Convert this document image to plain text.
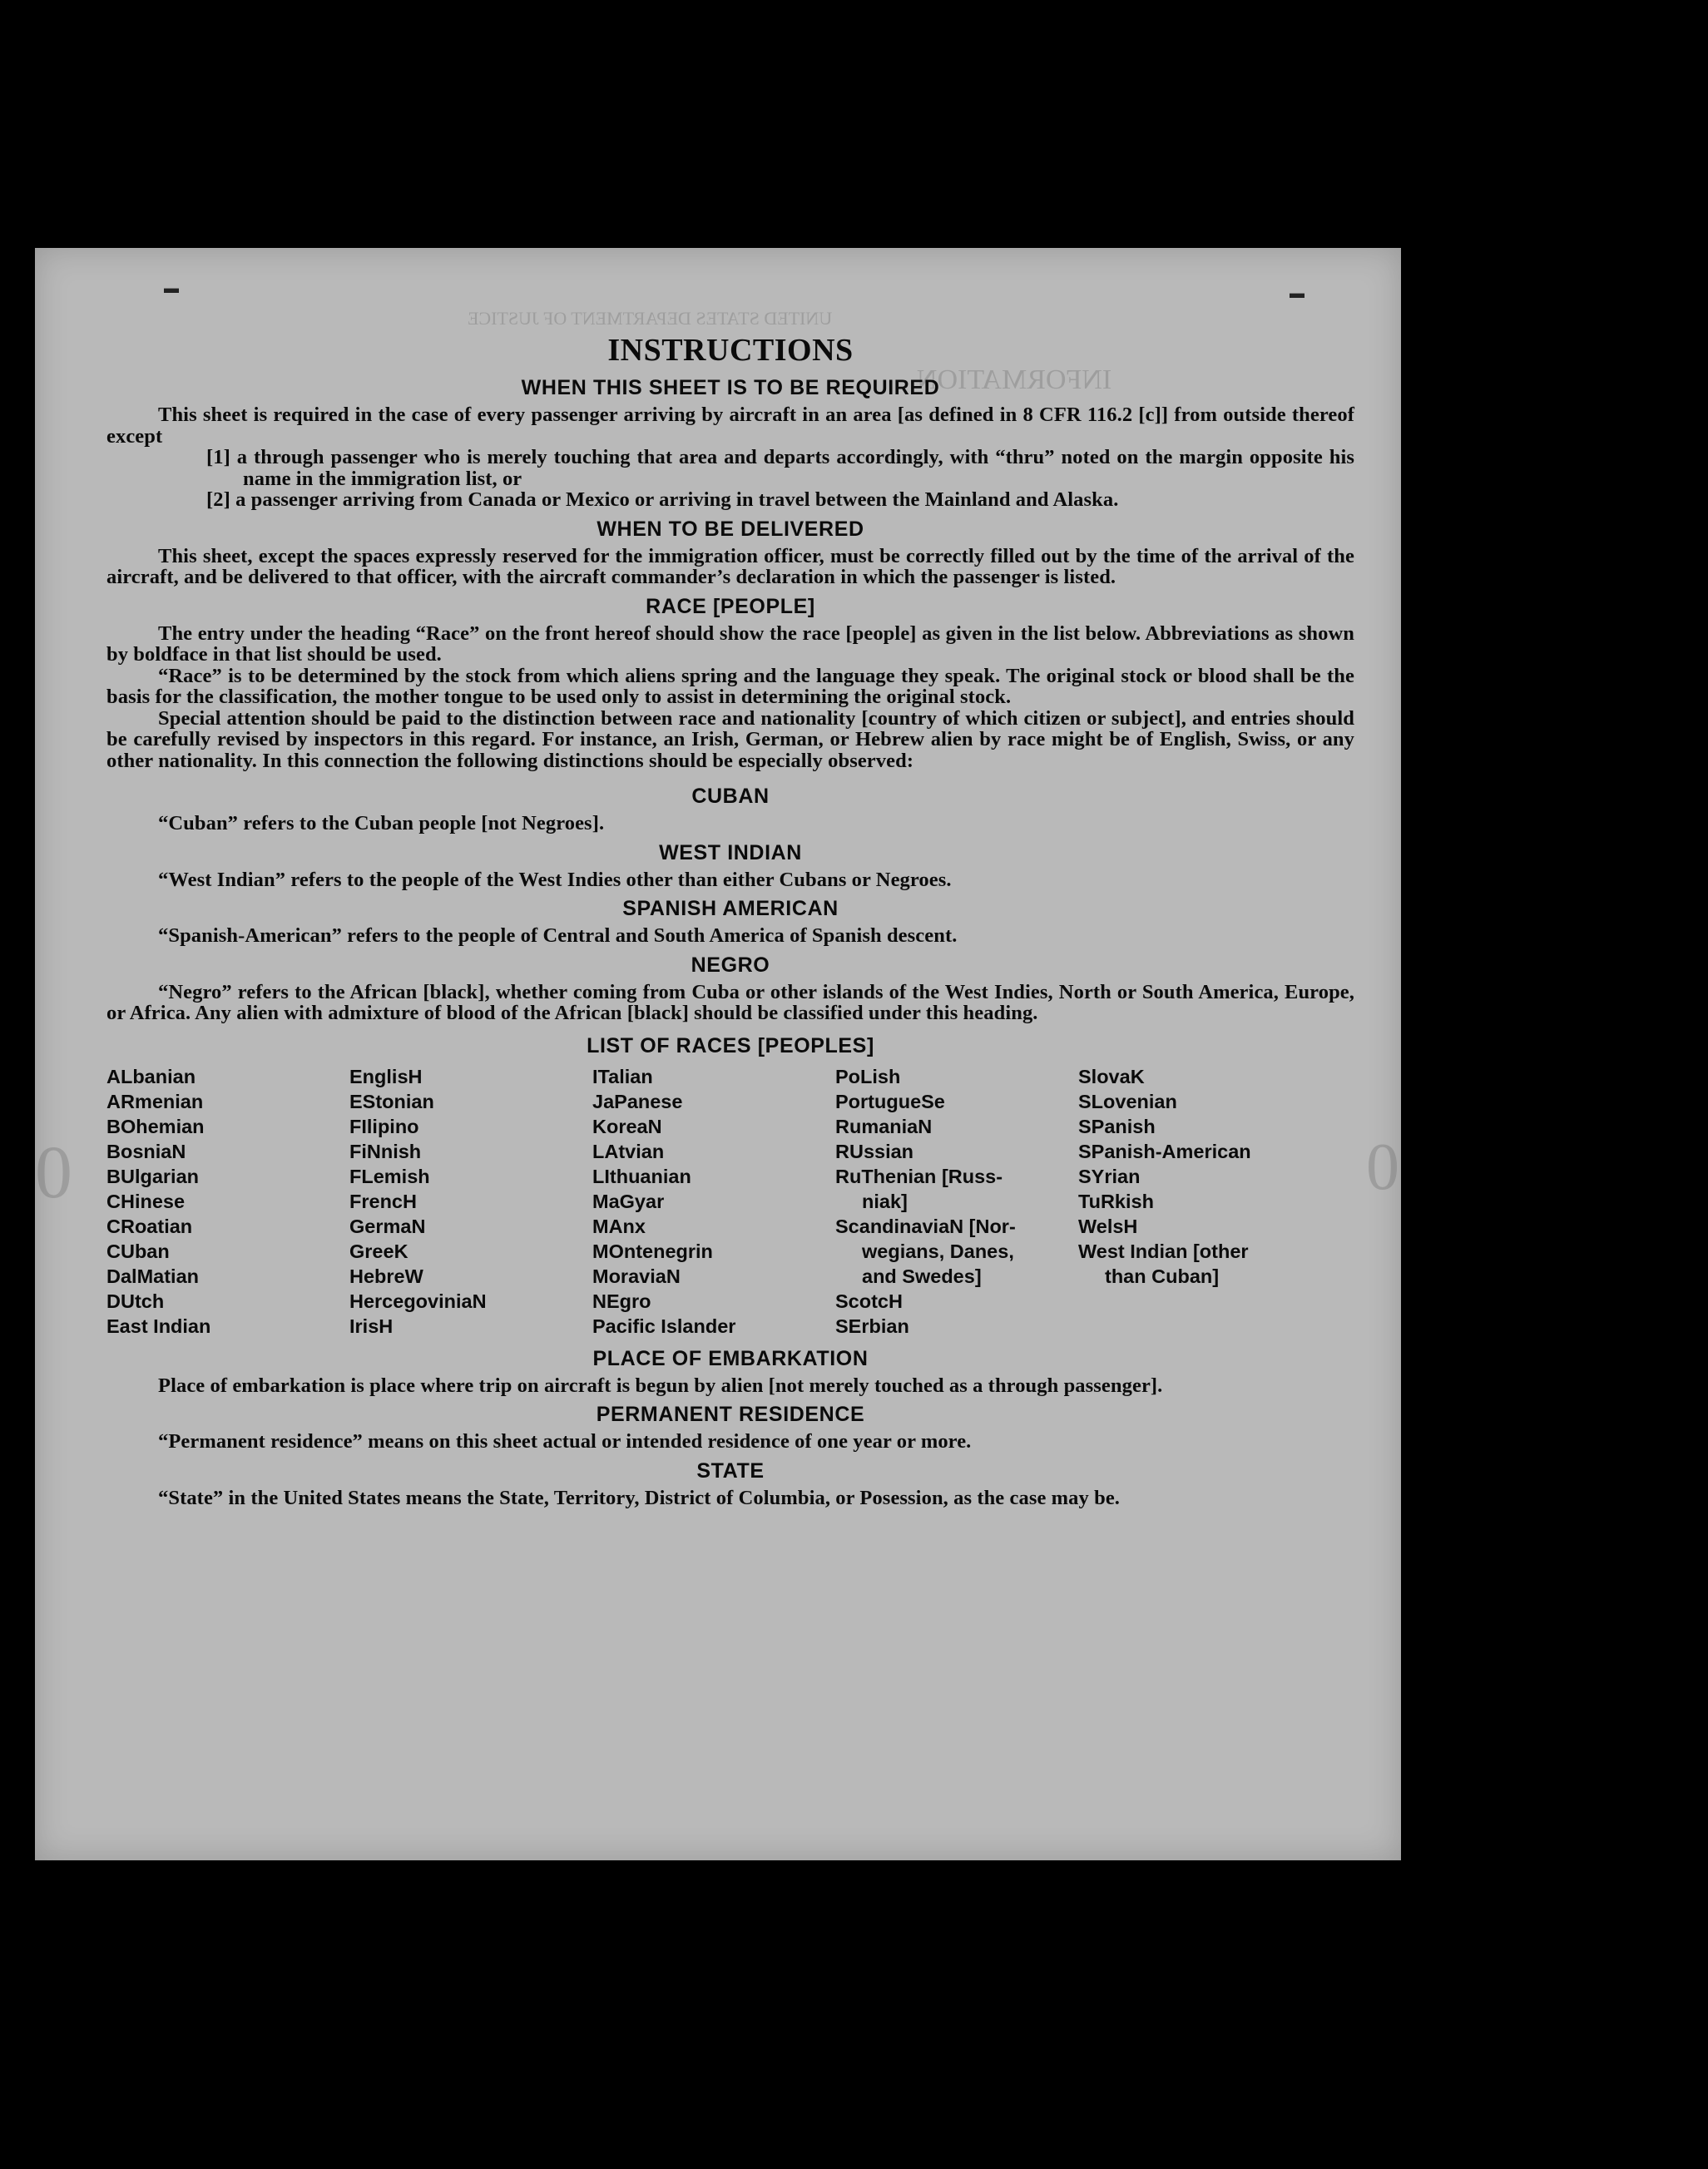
UNITED STATES DEPARTMENT OF JUSTICE
INFORMATION
0	0
▬	▬
INSTRUCTIONS
WHEN THIS SHEET IS TO BE REQUIRED

This sheet is required in the case of every passenger arriving by aircraft in an area [as defined in 8 CFR 116.2 [c]] from outside thereof except

[1] a through passenger who is merely touching that area and departs accordingly, with “thru” noted on the margin opposite his name in the immigration list, or

[2] a passenger arriving from Canada or Mexico or arriving in travel between the Mainland and Alaska.

WHEN TO BE DELIVERED

This sheet, except the spaces expressly reserved for the immigration officer, must be correctly filled out by the time of the arrival of the aircraft, and be delivered to that officer, with the aircraft commander’s declaration in which the passenger is listed.

RACE [PEOPLE]

The entry under the heading “Race” on the front hereof should show the race [people] as given in the list below. Abbreviations as shown by boldface in that list should be used.

“Race” is to be determined by the stock from which aliens spring and the language they speak. The original stock or blood shall be the basis for the classification, the mother tongue to be used only to assist in determining the original stock.

Special attention should be paid to the distinction between race and nationality [country of which citizen or subject], and entries should be carefully revised by inspectors in this regard. For instance, an Irish, German, or Hebrew alien by race might be of English, Swiss, or any other nationality. In this connection the following distinctions should be especially observed:

CUBAN

“Cuban” refers to the Cuban people [not Negroes].

WEST INDIAN

“West Indian” refers to the people of the West Indies other than either Cubans or Negroes.

SPANISH AMERICAN

“Spanish-American” refers to the people of Central and South America of Spanish descent.

NEGRO

“Negro” refers to the African [black], whether coming from Cuba or other islands of the West Indies, North or South America, Europe, or Africa. Any alien with admixture of blood of the African [black] should be classified under this heading.

LIST OF RACES [PEOPLES]
ALbanian
ARmenian
BOhemian
BosniaN
BUlgarian
CHinese
CRoatian
CUban
DalMatian
DUtch
East Indian
EnglisH
EStonian
FIlipino
FiNnish
FLemish
FrencH
GermaN
GreeK
HebreW
HercegoviniaN
IrisH
ITalian
JaPanese
KoreaN
LAtvian
LIthuanian
MaGyar
MAnx
MOntenegrin
MoraviaN
NEgro
Pacific Islander
PoLish
PortugueSe
RumaniaN
RUssian
RuThenian [Russ-
niak]
ScandinaviaN [Nor-
wegians, Danes,
and Swedes]
ScotcH
SErbian
SlovaK
SLovenian
SPanish
SPanish-American
SYrian
TuRkish
WelsH
West Indian [other
than Cuban]
PLACE OF EMBARKATION

Place of embarkation is place where trip on aircraft is begun by alien [not merely touched as a through passenger].

PERMANENT RESIDENCE

“Permanent residence” means on this sheet actual or intended residence of one year or more.

STATE

“State” in the United States means the State, Territory, District of Columbia, or Posession, as the case may be.
